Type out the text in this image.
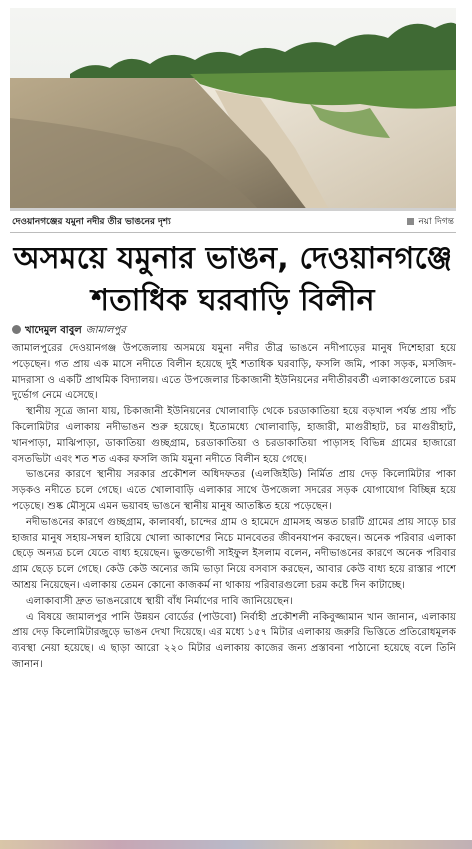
দেওয়ানগঞ্জের যমুনা নদীর তীর ভাঙনের দৃশ্য	নয়া দিগন্ত
অসময়ে যমুনার ভাঙন, দেওয়ানগঞ্জে
শতাধিক ঘরবাড়ি বিলীন
খাদেমুল বাবুল জামালপুর

জামালপুরের দেওয়ানগঞ্জ উপজেলায় অসময়ে যমুনা নদীর তীব্র ভাঙনে নদীপাড়ের মানুষ দিশেহারা হয়ে পড়েছেন। গত প্রায় এক মাসে নদীতে বিলীন হয়েছে দুই শতাধিক ঘরবাড়ি, ফসলি জমি, পাকা সড়ক, মসজিদ-মাদরাসা ও একটি প্রাথমিক বিদ্যালয়। এতে উপজেলার চিকাজানী ইউনিয়নের নদীতীরবর্তী এলাকাগুলোতে চরম দুর্ভোগ নেমে এসেছে।

স্থানীয় সূত্রে জানা যায়, চিকাজানী ইউনিয়নের খোলাবাড়ি থেকে চরডাকাতিয়া হয়ে বড়খাল পর্যন্ত প্রায় পাঁচ কিলোমিটার এলাকায় নদীভাঙন শুরু হয়েছে। ইতোমধ্যে খোলাবাড়ি, হাজারী, মাগুরীহাট, চর মাগুরীহাট, খানপাড়া, মাঝিপাড়া, ডাকাতিয়া গুচ্ছগ্রাম, চরডাকাতিয়া ও চরডাকাতিয়া পাড়াসহ বিভিন্ন গ্রামের হাজারো বসতভিটা এবং শত শত একর ফসলি জমি যমুনা নদীতে বিলীন হয়ে গেছে।

ভাঙনের কারণে স্থানীয় সরকার প্রকৌশল অধিদফতর (এলজিইডি) নির্মিত প্রায় দেড় কিলোমিটার পাকা সড়কও নদীতে চলে গেছে। এতে খোলাবাড়ি এলাকার সাথে উপজেলা সদরের সড়ক যোগাযোগ বিচ্ছিন্ন হয়ে পড়েছে। শুষ্ক মৌসুমে এমন ভয়াবহ ভাঙনে স্থানীয় মানুষ আতঙ্কিত হয়ে পড়েছেন।

নদীভাঙনের কারণে গুচ্ছগ্রাম, কালাবর্ষা, চান্দের গ্রাম ও হামেদে গ্রামসহ অন্তত চারটি গ্রামের প্রায় সাড়ে চার হাজার মানুষ সহায়-সম্বল হারিয়ে খোলা আকাশের নিচে মানবেতর জীবনযাপন করছেন। অনেক পরিবার এলাকা ছেড়ে অন্যত্র চলে যেতে বাধ্য হয়েছেন। ভুক্তভোগী সাইফুল ইসলাম বলেন, নদীভাঙনের কারণে অনেক পরিবার গ্রাম ছেড়ে চলে গেছে। কেউ কেউ অন্যের জমি ভাড়া নিয়ে বসবাস করছেন, আবার কেউ বাধ্য হয়ে রাস্তার পাশে আশ্রয় নিয়েছেন। এলাকায় তেমন কোনো কাজকর্ম না থাকায় পরিবারগুলো চরম কষ্টে দিন কাটাচ্ছে।

এলাকাবাসী দ্রুত ভাঙনরোধে স্থায়ী বাঁধ নির্মাণের দাবি জানিয়েছেন।

এ বিষয়ে জামালপুর পানি উন্নয়ন বোর্ডের (পাউবো) নির্বাহী প্রকৌশলী নকিবুজ্জামান খান জানান, এলাকায় প্রায় দেড় কিলোমিটারজুড়ে ভাঙন দেখা দিয়েছে। এর মধ্যে ১৫৭ মিটার এলাকায় জরুরি ভিত্তিতে প্রতিরোধমূলক ব্যবস্থা নেয়া হয়েছে। এ ছাড়া আরো ২২০ মিটার এলাকায় কাজের জন্য প্রস্তাবনা পাঠানো হয়েছে বলে তিনি জানান।
